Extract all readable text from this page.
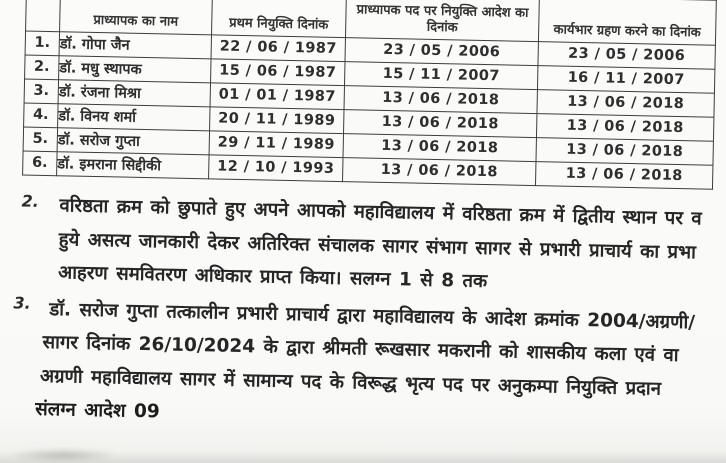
	प्राध्यापक का नाम	प्रथम नियुक्ति दिनांक	प्राध्यापक पद पर नियुक्ति आदेश का दिनांक	कार्यभार ग्रहण करने का दिनांक
1.	डॉ. गोपा जैन	22 / 06 / 1987	23 / 05 / 2006	23 / 05 / 2006
2.	डॉ. मधु स्थापक	15 / 06 / 1987	15 / 11 / 2007	16 / 11 / 2007
3.	डॉ. रंजना मिश्रा	01 / 01 / 1987	13 / 06 / 2018	13 / 06 / 2018
4.	डॉ. विनय शर्मा	20 / 11 / 1989	13 / 06 / 2018	13 / 06 / 2018
5.	डॉ. सरोज गुप्ता	29 / 11 / 1989	13 / 06 / 2018	13 / 06 / 2018
6.	डॉ. इमराना सिद्दीकी	12 / 10 / 1993	13 / 06 / 2018	13 / 06 / 2018
2. वरिष्ठता क्रम को छुपाते हुए अपने आपको महाविद्यालय में वरिष्ठता क्रम में द्वितीय स्थान पर व
हुये असत्य जानकारी देकर अतिरिक्त संचालक सागर संभाग सागर से प्रभारी प्राचार्य का प्रभा
आहरण समवितरण अधिकार प्राप्त किया। सलग्न 1 से 8 तक
3. डॉ. सरोज गुप्ता तत्कालीन प्रभारी प्राचार्य द्वारा महाविद्यालय के आदेश क्रमांक 2004/अग्रणी/
सागर दिनांक 26/10/2024 के द्वारा श्रीमती रूखसार मकरानी को शासकीय कला एवं वा
अग्रणी महाविद्यालय सागर में सामान्य पद के विरूद्ध भृत्य पद पर अनुकम्पा नियुक्ति प्रदान
संलग्न आदेश 09
